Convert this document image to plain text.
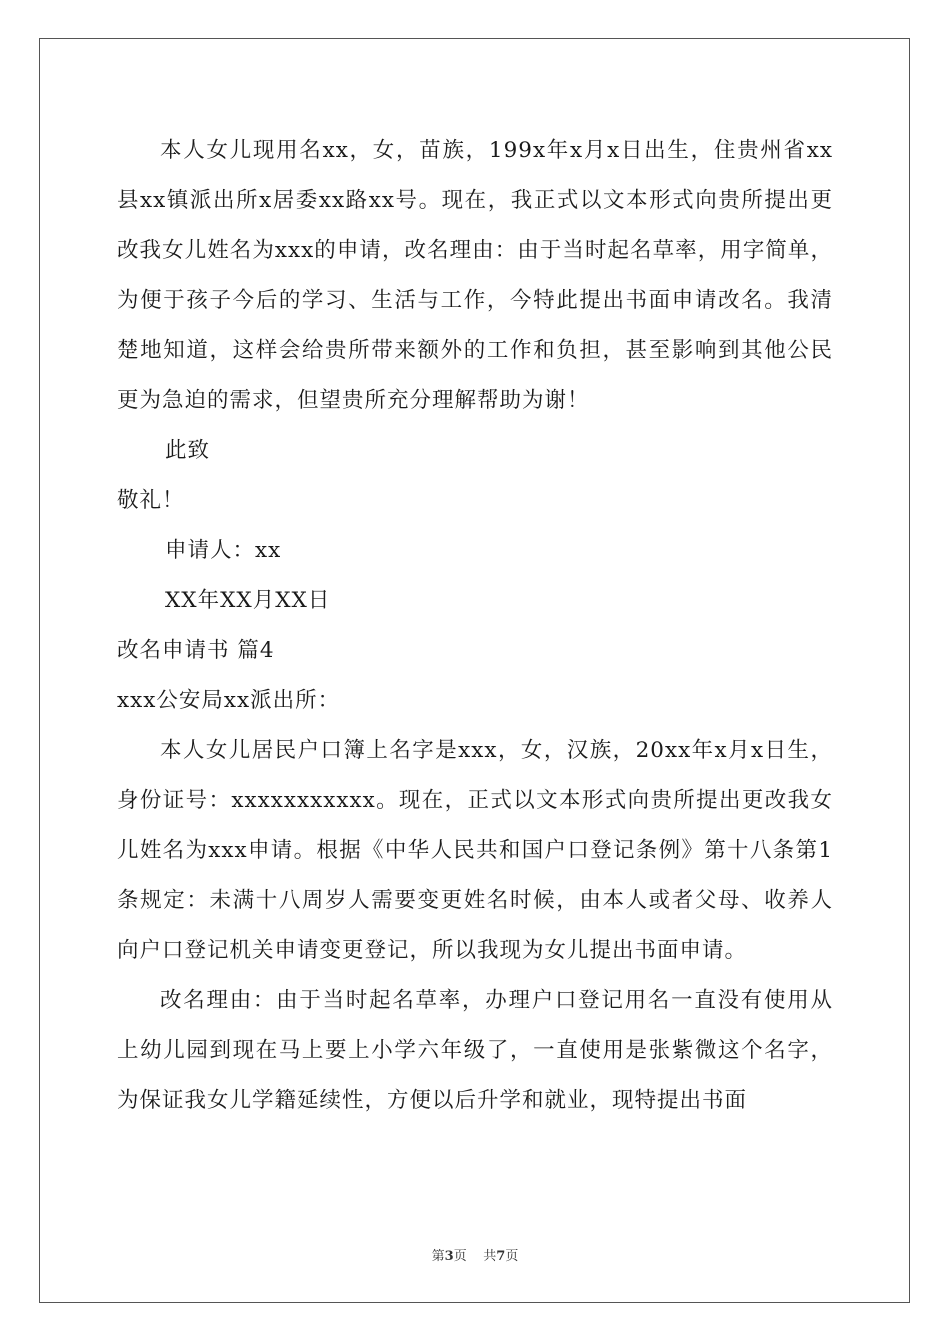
本人女儿现用名xx，女，苗族，199x年x月x日出生，住贵州省xx县xx镇派出所x居委xx路xx号。现在，我正式以文本形式向贵所提出更改我女儿姓名为xxx的申请，改名理由：由于当时起名草率，用字简单，为便于孩子今后的学习、生活与工作，今特此提出书面申请改名。我清楚地知道，这样会给贵所带来额外的工作和负担，甚至影响到其他公民更为急迫的需求，但望贵所充分理解帮助为谢！

此致

敬礼！

申请人：xx

XX年XX月XX日

改名申请书 篇4

xxx公安局xx派出所：

本人女儿居民户口簿上名字是xxx，女，汉族，20xx年x月x日生，身份证号：xxxxxxxxxxx。现在，正式以文本形式向贵所提出更改我女儿姓名为xxx申请。根据《中华人民共和国户口登记条例》第十八条第1条规定：未满十八周岁人需要变更姓名时候，由本人或者父母、收养人向户口登记机关申请变更登记，所以我现为女儿提出书面申请。

改名理由：由于当时起名草率，办理户口登记用名一直没有使用从上幼儿园到现在马上要上小学六年级了，一直使用是张紫微这个名字，为保证我女儿学籍延续性，方便以后升学和就业，现特提出书面

第3页 共7页
